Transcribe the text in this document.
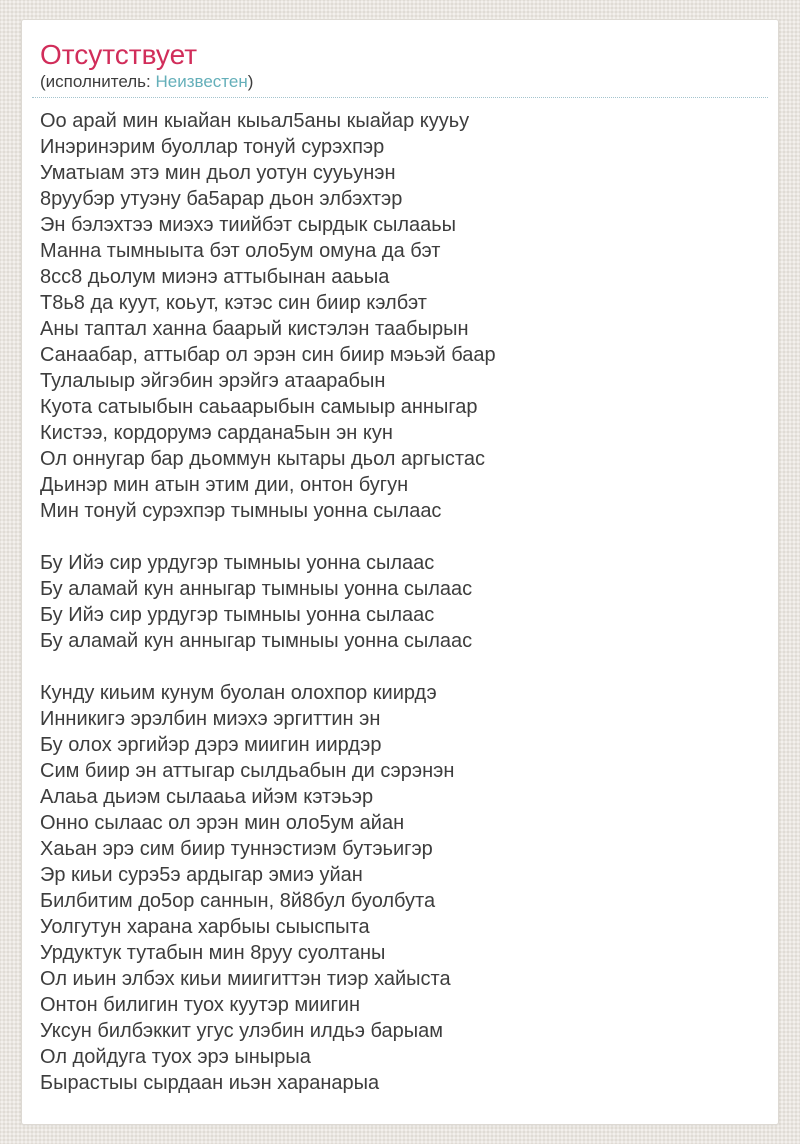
Отсутствует
(исполнитель: Неизвестен)
Оо арай мин кыайан кыьал5аны кыайар кууьу
Инэринэрим буоллар тонуй сурэхпэр
Уматыам этэ мин дьол уотун сууьунэн
8руубэр утуэну ба5арар дьон элбэхтэр
Эн бэлэхтээ миэхэ тиийбэт сырдык сылааьы
Манна тымныыта бэт оло5ум омуна да бэт
8сс8 дьолум миэнэ аттыбынан ааьыа
Т8ь8 да куут, коьут, кэтэс син биир кэлбэт
Аны таптал ханна баарый кистэлэн таабырын
Санаабар, аттыбар ол эрэн син биир мэьэй баар
Тулалыыр эйгэбин эрэйгэ атаарабын
Куота сатыыбын саьаарыбын самыыр анныгар
Кистээ, кордорумэ сардана5ын эн кун
Ол оннугар бар дьоммун кытары дьол аргыстас
Дьинэр мин атын этим дии, онтон бугун
Мин тонуй сурэхпэр тымныы уонна сылаас
Бу Ийэ сир урдугэр тымныы уонна сылаас
Бу аламай кун анныгар тымныы уонна сылаас
Бу Ийэ сир урдугэр тымныы уонна сылаас
Бу аламай кун анныгар тымныы уонна сылаас
Кунду киьим кунум буолан олохпор киирдэ
Инникигэ эрэлбин миэхэ эргиттин эн
Бу олох эргийэр дэрэ миигин иирдэр
Сим биир эн аттыгар сылдьабын ди сэрэнэн
Алаьа дьиэм сылааьа ийэм кэтэьэр
Онно сылаас ол эрэн мин оло5ум айан
Хаьан эрэ сим биир туннэстиэм бутэьигэр
Эр киьи сурэ5э ардыгар эмиэ уйан
Билбитим до5ор саннын, 8й8бул буолбута
Уолгутун харана харбыы сыыспыта
Урдуктук тутабын мин 8руу суолтаны
Ол иьин элбэх киьи миигиттэн тиэр хайыста
Онтон билигин туох куутэр миигин
Уксун билбэккит угус улэбин илдьэ барыам
Ол дойдуга туох эрэ ынырыа
Бырастыы сырдаан иьэн харанарыа
